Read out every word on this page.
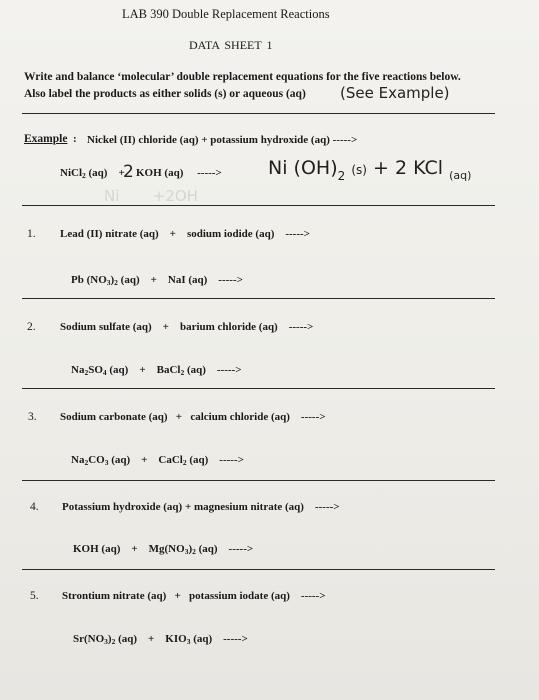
LAB 390 Double Replacement Reactions
DATA SHEET 1
Write and balance ‘molecular’ double replacement equations for the five reactions below.
Also label the products as either solids (s) or aqueous (aq) (See Example)
Example : Nickel (II) chloride (aq) + potassium hydroxide (aq) ----->
NiCl$_2$ (aq)    +
2 KOH (aq)     -----> Ni $(OH)_2$ (s) + 2 KCl $_{(aq)}$
Ni       +2OH
1. Lead (II) nitrate (aq)    +    sodium iodide (aq)    ----->

Pb $(NO_3)_2$ (aq)    +    NaI (aq)    ----->

2. Sodium sulfate (aq)    +    barium chloride (aq)    ----->

$Na_2SO_4$ (aq)    +    BaCl$_2$ (aq)    ----->

3. Sodium carbonate (aq)   +   calcium chloride (aq)    ----->

$Na_2CO_3$ (aq)    +    CaCl$_2$ (aq)    ----->

4. Potassium hydroxide (aq) + magnesium nitrate (aq)    ----->

KOH (aq)    +    $Mg(NO_3)_2$ (aq)    ----->

5. Strontium nitrate (aq)   +   potassium iodate (aq)    ----->

$Sr(NO_3)_2$ (aq)    +    $KIO_3$ (aq)    ----->
